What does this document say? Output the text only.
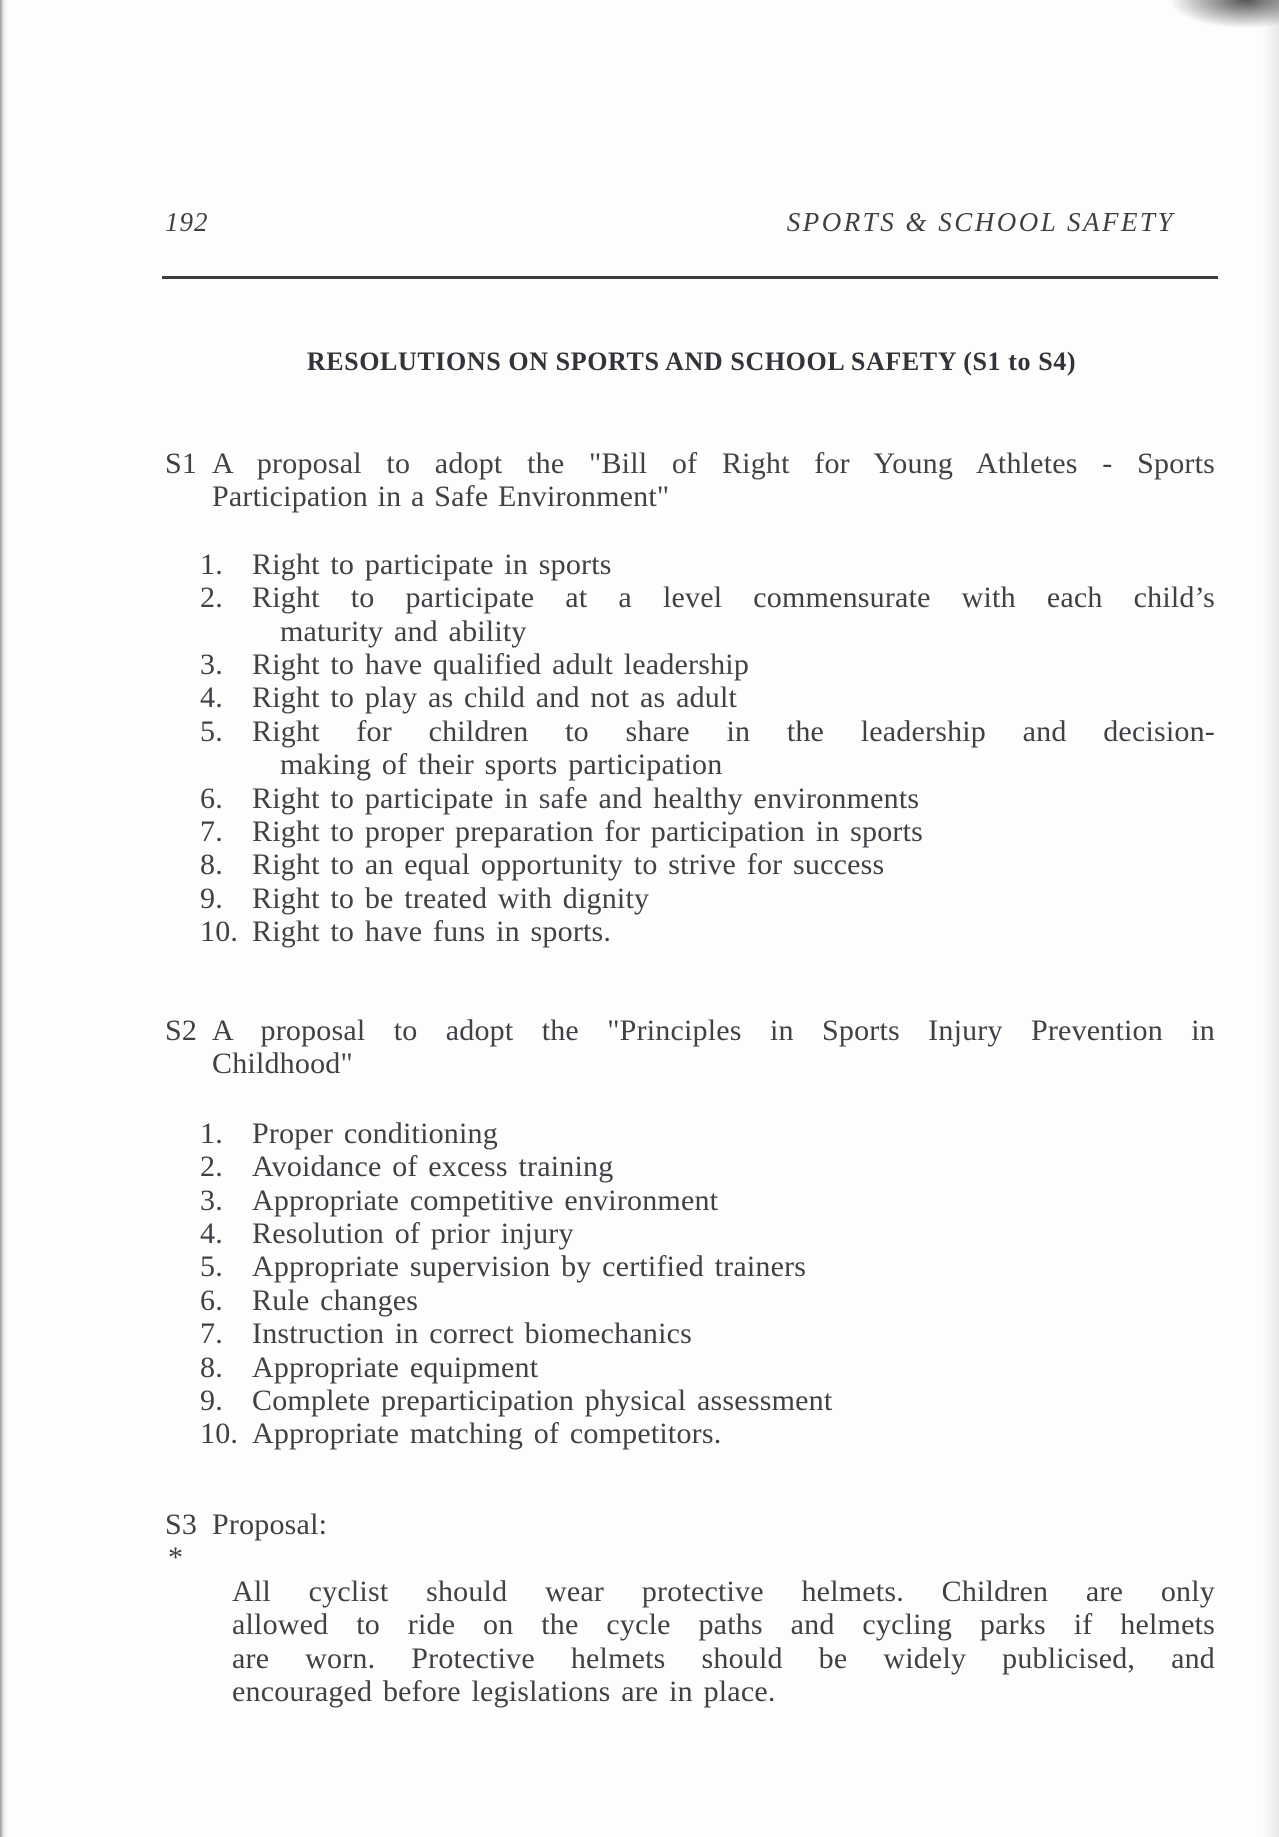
192	SPORTS & SCHOOL SAFETY
RESOLUTIONS ON SPORTS AND SCHOOL SAFETY (S1 to S4)
S1 A proposal to adopt the "Bill of Right for Young Athletes - Sports
Participation in a Safe Environment"
1. Right to participate in sports
2. Right to participate at a level commensurate with each child’s
maturity and ability
3. Right to have qualified adult leadership
4. Right to play as child and not as adult
5. Right for children to share in the leadership and decision-
making of their sports participation
6. Right to participate in safe and healthy environments
7. Right to proper preparation for participation in sports
8. Right to an equal opportunity to strive for success
9. Right to be treated with dignity
10. Right to have funs in sports.
S2 A proposal to adopt the "Principles in Sports Injury Prevention in
Childhood"
1. Proper conditioning
2. Avoidance of excess training
3. Appropriate competitive environment
4. Resolution of prior injury
5. Appropriate supervision by certified trainers
6. Rule changes
7. Instruction in correct biomechanics
8. Appropriate equipment
9. Complete preparticipation physical assessment
10. Appropriate matching of competitors.
S3 Proposal:
*
All cyclist should wear protective helmets. Children are only
allowed to ride on the cycle paths and cycling parks if helmets
are worn. Protective helmets should be widely publicised, and
encouraged before legislations are in place.
